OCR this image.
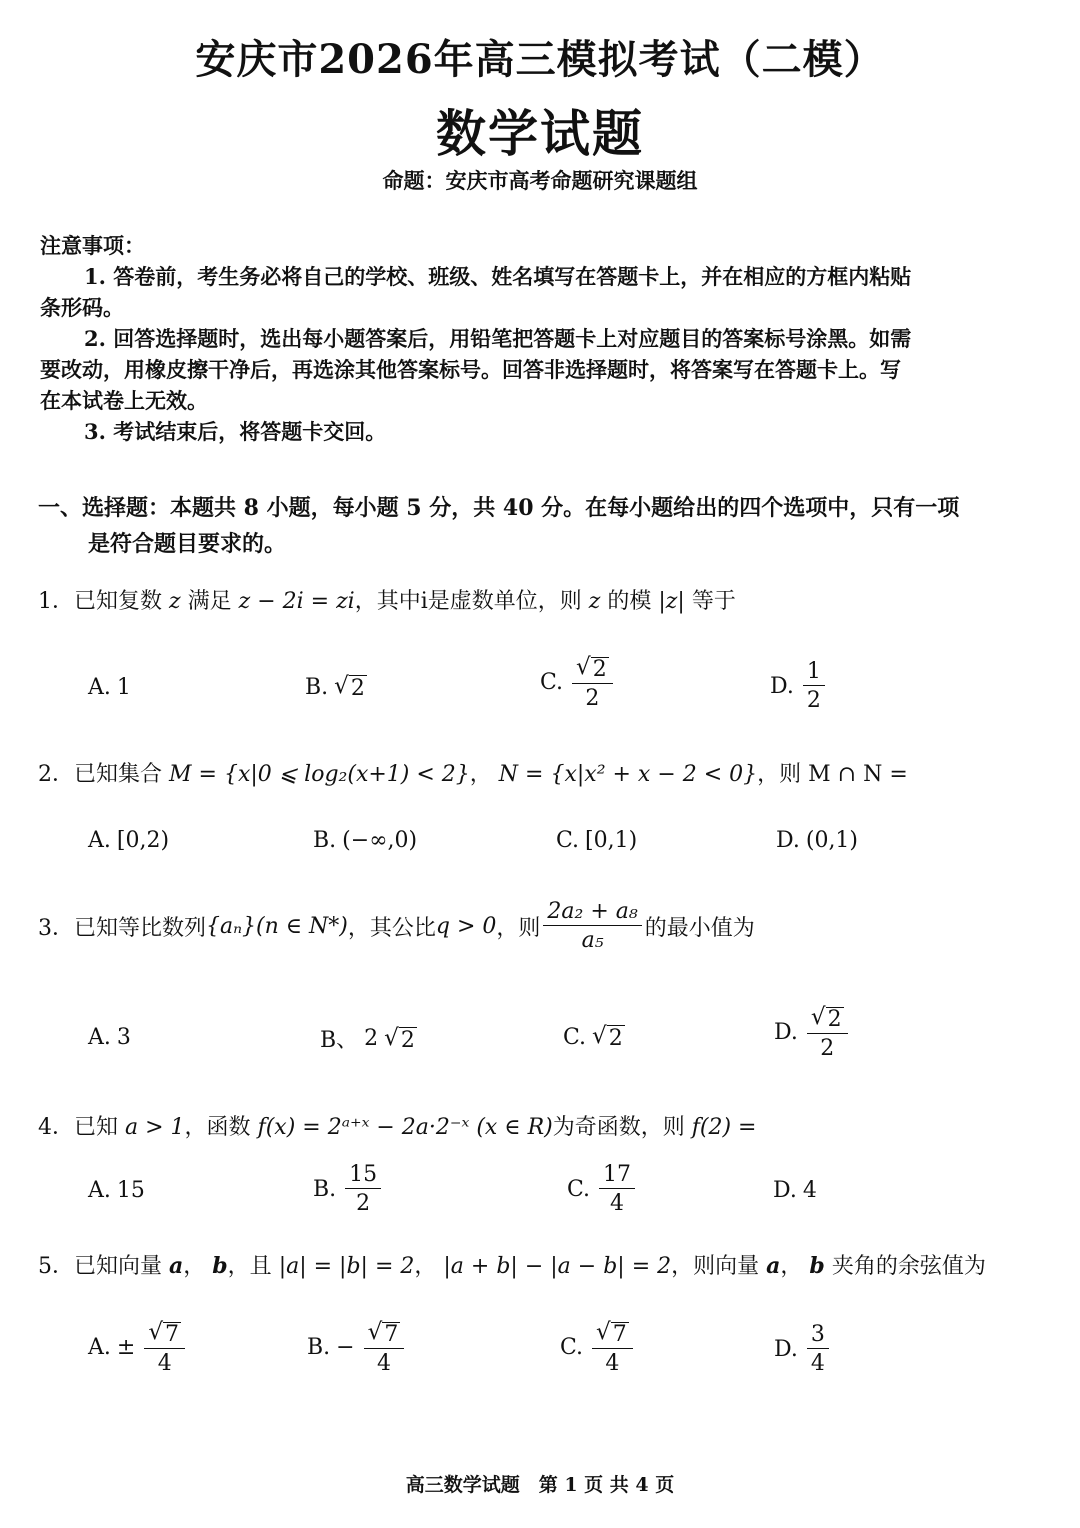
安庆市2026年高三模拟考试（二模）
数学试题
命题：安庆市高考命题研究课题组

注意事项：

1. 答卷前，考生务必将自己的学校、班级、姓名填写在答题卡上，并在相应的方框内粘贴

条形码。

2. 回答选择题时，选出每小题答案后，用铅笔把答题卡上对应题目的答案标号涂黑。如需

要改动，用橡皮擦干净后，再选涂其他答案标号。回答非选择题时，将答案写在答题卡上。写

在本试卷上无效。

3. 考试结束后，将答题卡交回。

一、选择题：本题共 8 小题，每小题 5 分，共 40 分。在每小题给出的四个选项中，只有一项
是符合题目要求的。
1．已知复数 z 满足 z − 2i = zi，其中i是虚数单位，则 z 的模 |z| 等于
A. 1	B. √ 2	C. $\frac{√ 2}{2}$	D. $\frac{1}{2}$
2．已知集合 M = {x|0 ⩽ log₂(x+1) < 2}， N = {x|x² + x − 2 < 0}，则 M ∩ N =
A. [0,2)	B. (−∞,0)	C. [0,1)	D. (0,1)
3．已知等比数列 {aₙ}(n ∈ N*) ，其公比 q > 0 ，则 $\frac{\text{2a₂ + a₈}}{\text{a₅}}$ 的最小值为
A. 3	B、 2 √ 2	C. √ 2	D. $\frac{√ 2}{2}$
4．已知 a > 1，函数 f(x) = 2ᵃ⁺ˣ − 2a·2⁻ˣ (x ∈ R)为奇函数，则 f(2) =
A. 15	B. $\frac{15}{2}$	C. $\frac{17}{4}$	D. 4
5．已知向量 a， b，且 |a| = |b| = 2， |a + b| − |a − b| = 2，则向量 a， b 夹角的余弦值为
A. ± $\frac{√ 7}{4}$	B. − $\frac{√ 7}{4}$	C. $\frac{√ 7}{4}$	D. $\frac{3}{4}$
高三数学试题　第 1 页 共 4 页
